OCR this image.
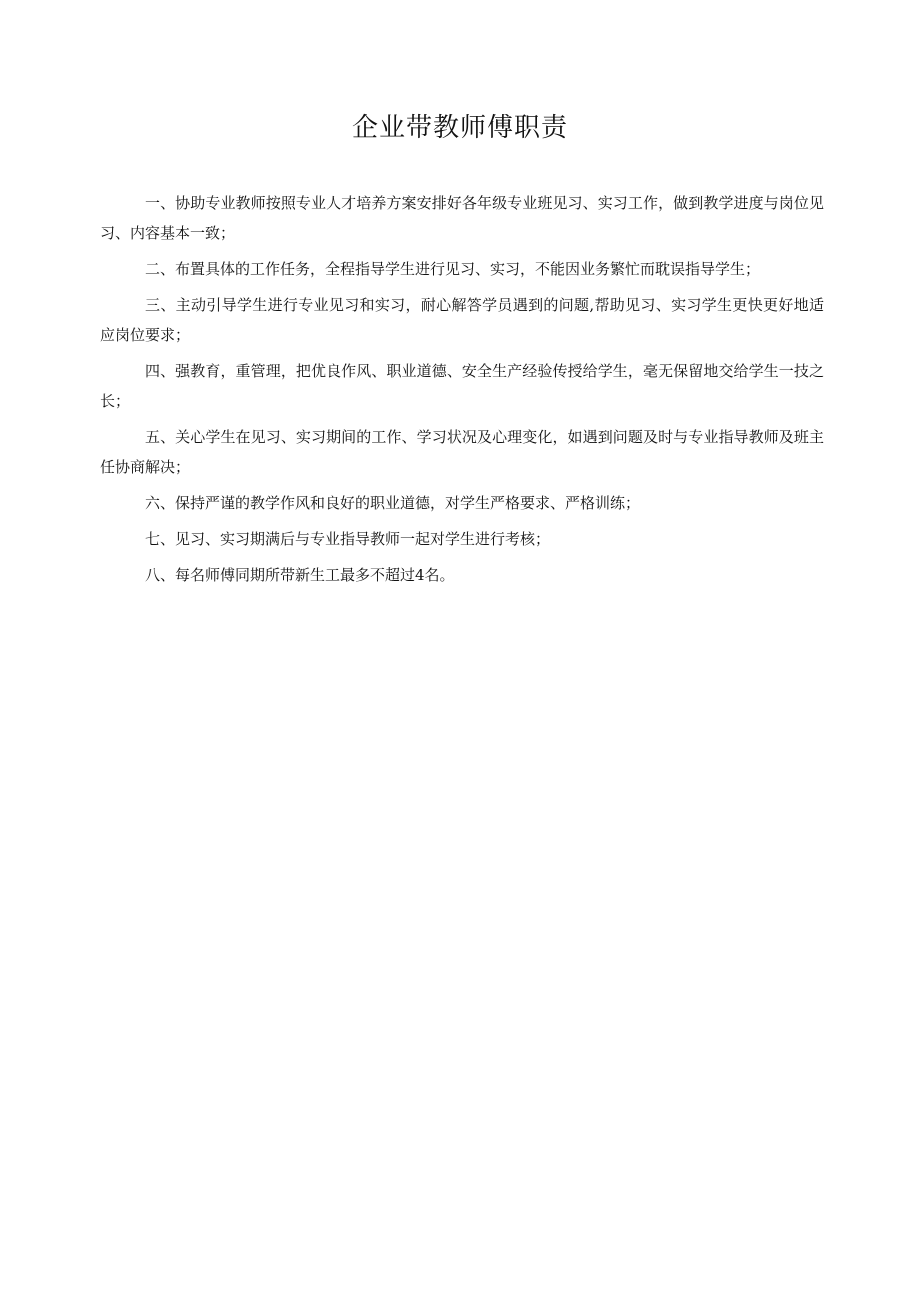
企业带教师傅职责

一、协助专业教师按照专业人才培养方案安排好各年级专业班见习、实习工作，做到教学进度与岗位见习、内容基本一致；

二、布置具体的工作任务，全程指导学生进行见习、实习，不能因业务繁忙而耽误指导学生；

三、主动引导学生进行专业见习和实习，耐心解答学员遇到的问题,帮助见习、实习学生更快更好地适应岗位要求；

四、强教育，重管理，把优良作风、职业道德、安全生产经验传授给学生，毫无保留地交给学生一技之长；

五、关心学生在见习、实习期间的工作、学习状况及心理变化，如遇到问题及时与专业指导教师及班主任协商解决；

六、保持严谨的教学作风和良好的职业道德，对学生严格要求、严格训练；

七、见习、实习期满后与专业指导教师一起对学生进行考核；

八、每名师傅同期所带新生工最多不超过4名。
